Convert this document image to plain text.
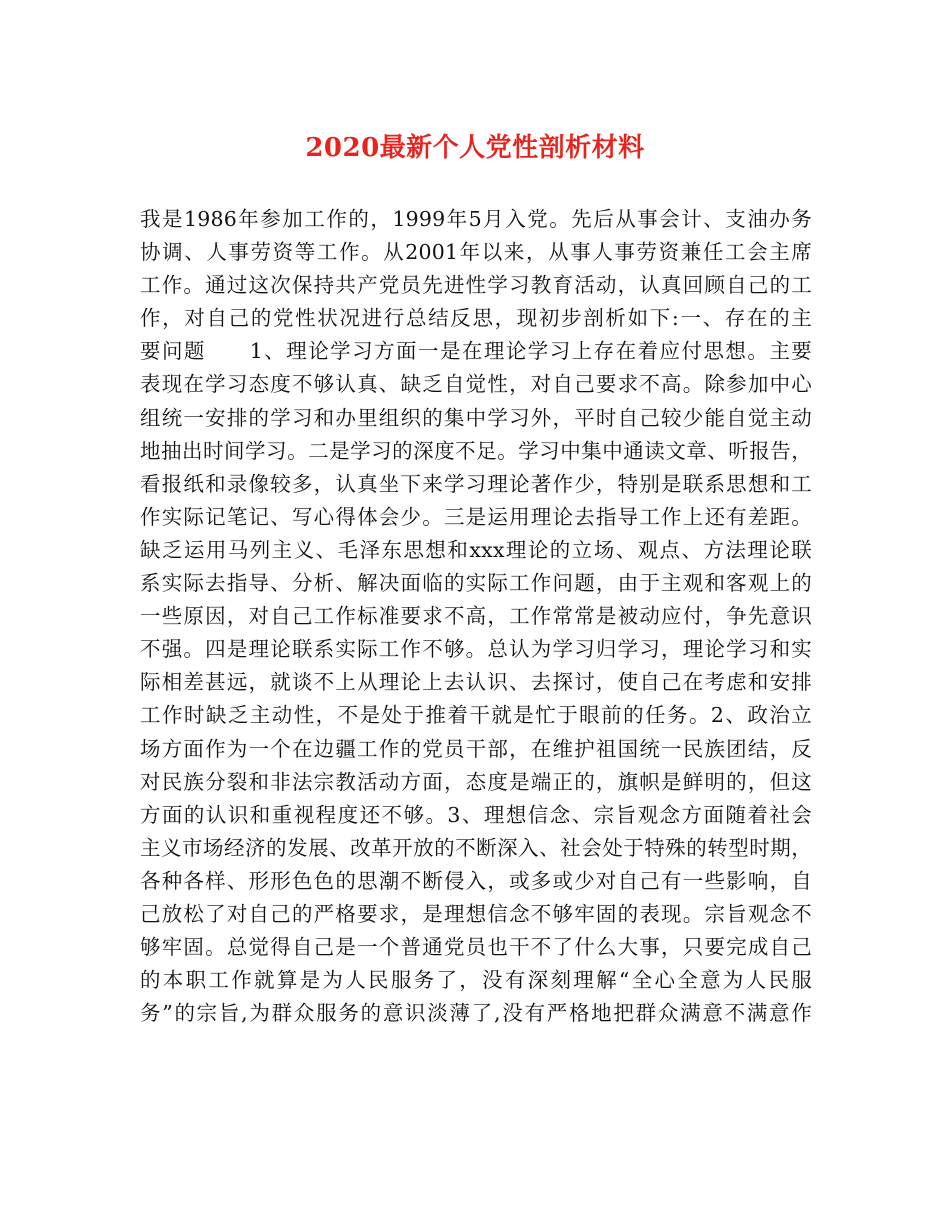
2020最新个人党性剖析材料
我是1986年参加工作的，1999年5月入党。先后从事会计、支油办务
协调、人事劳资等工作。从2001年以来，从事人事劳资兼任工会主席
工作。通过这次保持共产党员先进性学习教育活动，认真回顾自己的工
作，对自己的党性状况进行总结反思，现初步剖析如下:一、存在的主
要问题　　1、理论学习方面一是在理论学习上存在着应付思想。主要
表现在学习态度不够认真、缺乏自觉性，对自己要求不高。除参加中心
组统一安排的学习和办里组织的集中学习外，平时自己较少能自觉主动
地抽出时间学习。二是学习的深度不足。学习中集中通读文章、听报告，
看报纸和录像较多，认真坐下来学习理论著作少，特别是联系思想和工
作实际记笔记、写心得体会少。三是运用理论去指导工作上还有差距。
缺乏运用马列主义、毛泽东思想和xxx理论的立场、观点、方法理论联
系实际去指导、分析、解决面临的实际工作问题，由于主观和客观上的
一些原因，对自己工作标准要求不高，工作常常是被动应付，争先意识
不强。四是理论联系实际工作不够。总认为学习归学习，理论学习和实
际相差甚远，就谈不上从理论上去认识、去探讨，使自己在考虑和安排
工作时缺乏主动性，不是处于推着干就是忙于眼前的任务。2、政治立
场方面作为一个在边疆工作的党员干部，在维护祖国统一民族团结，反
对民族分裂和非法宗教活动方面，态度是端正的，旗帜是鲜明的，但这
方面的认识和重视程度还不够。3、理想信念、宗旨观念方面随着社会
主义市场经济的发展、改革开放的不断深入、社会处于特殊的转型时期，
各种各样、形形色色的思潮不断侵入，或多或少对自己有一些影响，自
己放松了对自己的严格要求，是理想信念不够牢固的表现。宗旨观念不
够牢固。总觉得自己是一个普通党员也干不了什么大事，只要完成自己
的本职工作就算是为人民服务了，没有深刻理解“全心全意为人民服
务”的宗旨,为群众服务的意识淡薄了,没有严格地把群众满意不满意作
